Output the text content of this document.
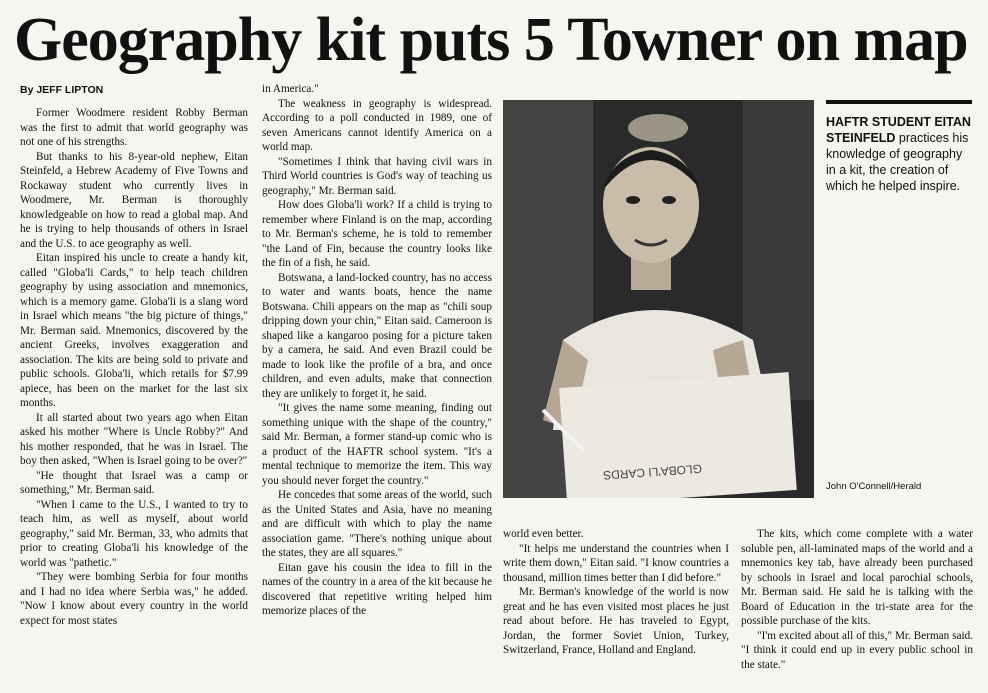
Geography kit puts 5 Towner on map
By JEFF LIPTON

Former Woodmere resident Robby Berman was the first to admit that world geography was not one of his strengths.

But thanks to his 8-year-old nephew, Eitan Steinfeld, a Hebrew Academy of Five Towns and Rockaway student who currently lives in Woodmere, Mr. Berman is thoroughly knowledgeable on how to read a global map. And he is trying to help thousands of others in Israel and the U.S. to ace geography as well.

Eitan inspired his uncle to create a handy kit, called "Globa'li Cards," to help teach children geography by using association and mnemonics, which is a memory game. Globa'li is a slang word in Israel which means "the big picture of things," Mr. Berman said. Mnemonics, discovered by the ancient Greeks, involves exaggeration and association. The kits are being sold to private and public schools. Globa'li, which retails for $7.99 apiece, has been on the market for the last six months.

It all started about two years ago when Eitan asked his mother "Where is Uncle Robby?" And his mother responded, that he was in Israel. The boy then asked, "When is Israel going to be over?"

"He thought that Israel was a camp or something," Mr. Berman said.

"When I came to the U.S., I wanted to try to teach him, as well as myself, about world geography," said Mr. Berman, 33, who admits that prior to creating Globa'li his knowledge of the world was "pathetic."

"They were bombing Serbia for four months and I had no idea where Serbia was," he added. "Now I know about every country in the world expect for most states

in America."

The weakness in geography is widespread. According to a poll conducted in 1989, one of seven Americans cannot identify America on a world map.

"Sometimes I think that having civil wars in Third World countries is God's way of teaching us geography," Mr. Berman said.

How does Globa'li work? If a child is trying to remember where Finland is on the map, according to Mr. Berman's scheme, he is told to remember "the Land of Fin, because the country looks like the fin of a fish, he said.

Botswana, a land-locked country, has no access to water and wants boats, hence the name Botswana. Chili appears on the map as "chili soup dripping down your chin," Eitan said. Cameroon is shaped like a kangaroo posing for a picture taken by a camera, he said. And even Brazil could be made to look like the profile of a bra, and once children, and even adults, make that connection they are unlikely to forget it, he said.

"It gives the name some meaning, finding out something unique with the shape of the country," said Mr. Berman, a former stand-up comic who is a product of the HAFTR school system. "It's a mental technique to memorize the item. This way you should never forget the country."

He concedes that some areas of the world, such as the United States and Asia, have no meaning and are difficult with which to play the name association game. "There's nothing unique about the states, they are all squares."

Eitan gave his cousin the idea to fill in the names of the country in a area of the kit because he discovered that repetitive writing helped him memorize places of the

GLOBA'LI CARDS
HAFTR STUDENT EITAN STEINFELD practices his knowledge of geography in a kit, the creation of which he helped inspire.
John O'Connell/Herald

world even better.

"It helps me understand the countries when I write them down," Eitan said. "I know countries a thousand, million times better than I did before."

Mr. Berman's knowledge of the world is now great and he has even visited most places he just read about before. He has traveled to Egypt, Jordan, the former Soviet Union, Turkey, Switzerland, France, Holland and England.

The kits, which come complete with a water soluble pen, all-laminated maps of the world and a mnemonics key tab, have already been purchased by schools in Israel and local parochial schools, Mr. Berman said. He said he is talking with the Board of Education in the tri-state area for the possible purchase of the kits.

"I'm excited about all of this," Mr. Berman said. "I think it could end up in every public school in the state."
